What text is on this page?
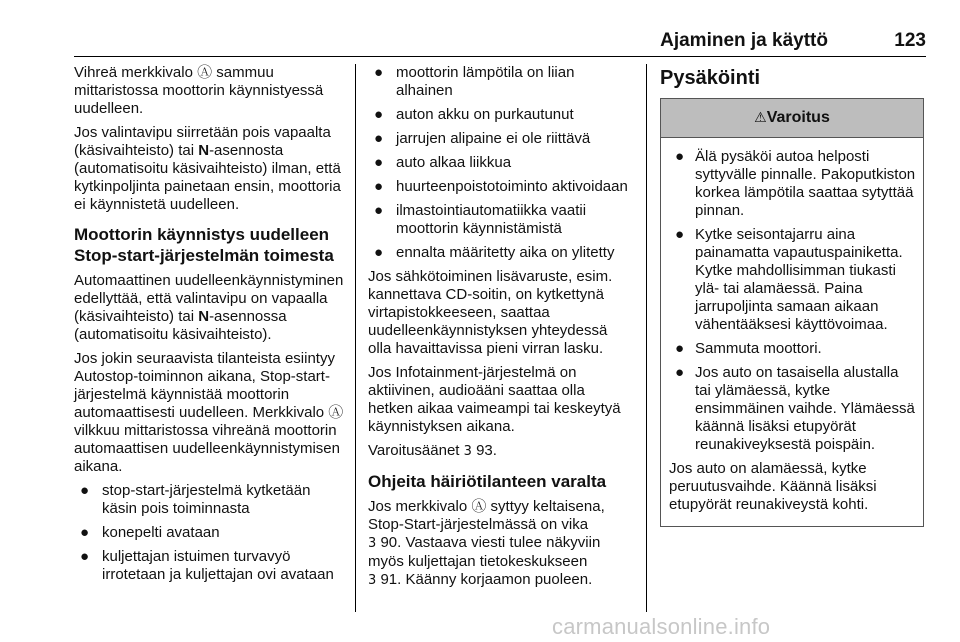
Ajaminen ja käyttö	123

Vihreä merkkivalo Ⓐ sammuu mittaristossa moottorin käynnistyessä uudelleen.

Jos valintavipu siirretään pois vapaalta (käsivaihteisto) tai N-asennosta (automatisoitu käsivaihteisto) ilman, että kytkinpoljinta painetaan ensin, moottoria ei käynnistetä uudelleen.

Moottorin käynnistys uudelleen Stop-start-järjestelmän toimesta

Automaattinen uudelleenkäynnistyminen edellyttää, että valintavipu on vapaalla (käsivaihteisto) tai N-asennossa (automatisoitu käsivaihteisto).

Jos jokin seuraavista tilanteista esiintyy Autostop-toiminnon aikana, Stop-start-järjestelmä käynnistää moottorin automaattisesti uudelleen. Merkkivalo Ⓐ vilkkuu mittaristossa vihreänä moottorin automaattisen uudelleenkäynnistymisen aikana.

● stop-start-järjestelmä kytketään käsin pois toiminnasta
● konepelti avataan
● kuljettajan istuimen turvavyö irrotetaan ja kuljettajan ovi avataan
● moottorin lämpötila on liian alhainen
● auton akku on purkautunut
● jarrujen alipaine ei ole riittävä
● auto alkaa liikkua
● huurteenpoistotoiminto aktivoidaan
● ilmastointiautomatiikka vaatii moottorin käynnistämistä
● ennalta määritetty aika on ylitetty

Jos sähkötoiminen lisävaruste, esim. kannettava CD-soitin, on kytkettynä virtapistokkeeseen, saattaa uudelleenkäynnistyksen yhteydessä olla havaittavissa pieni virran lasku.

Jos Infotainment-järjestelmä on aktiivinen, audioääni saattaa olla hetken aikaa vaimeampi tai keskeytyä käynnistyksen aikana.

Varoitusäänet 3 93.

Ohjeita häiriötilanteen varalta

Jos merkkivalo Ⓐ syttyy keltaisena, Stop-Start-järjestelmässä on vika
3 90. Vastaava viesti tulee näkyviin myös kuljettajan tietokeskukseen
3 91. Käänny korjaamon puoleen.

Pysäköinti
⚠Varoitus
● Älä pysäköi autoa helposti syttyvälle pinnalle. Pakoputkiston korkea lämpötila saattaa sytyttää pinnan.
● Kytke seisontajarru aina painamatta vapautuspainiketta. Kytke mahdollisimman tiukasti ylä- tai alamäessä. Paina jarrupoljinta samaan aikaan vähentääksesi käyttövoimaa.
● Sammuta moottori.
● Jos auto on tasaisella alustalla tai ylämäessä, kytke ensimmäinen vaihde. Ylämäessä käännä lisäksi etupyörät reunakiveyksestä poispäin.

Jos auto on alamäessä, kytke peruutusvaihde. Käännä lisäksi etupyörät reunakiveystä kohti.

carmanualsonline.info
